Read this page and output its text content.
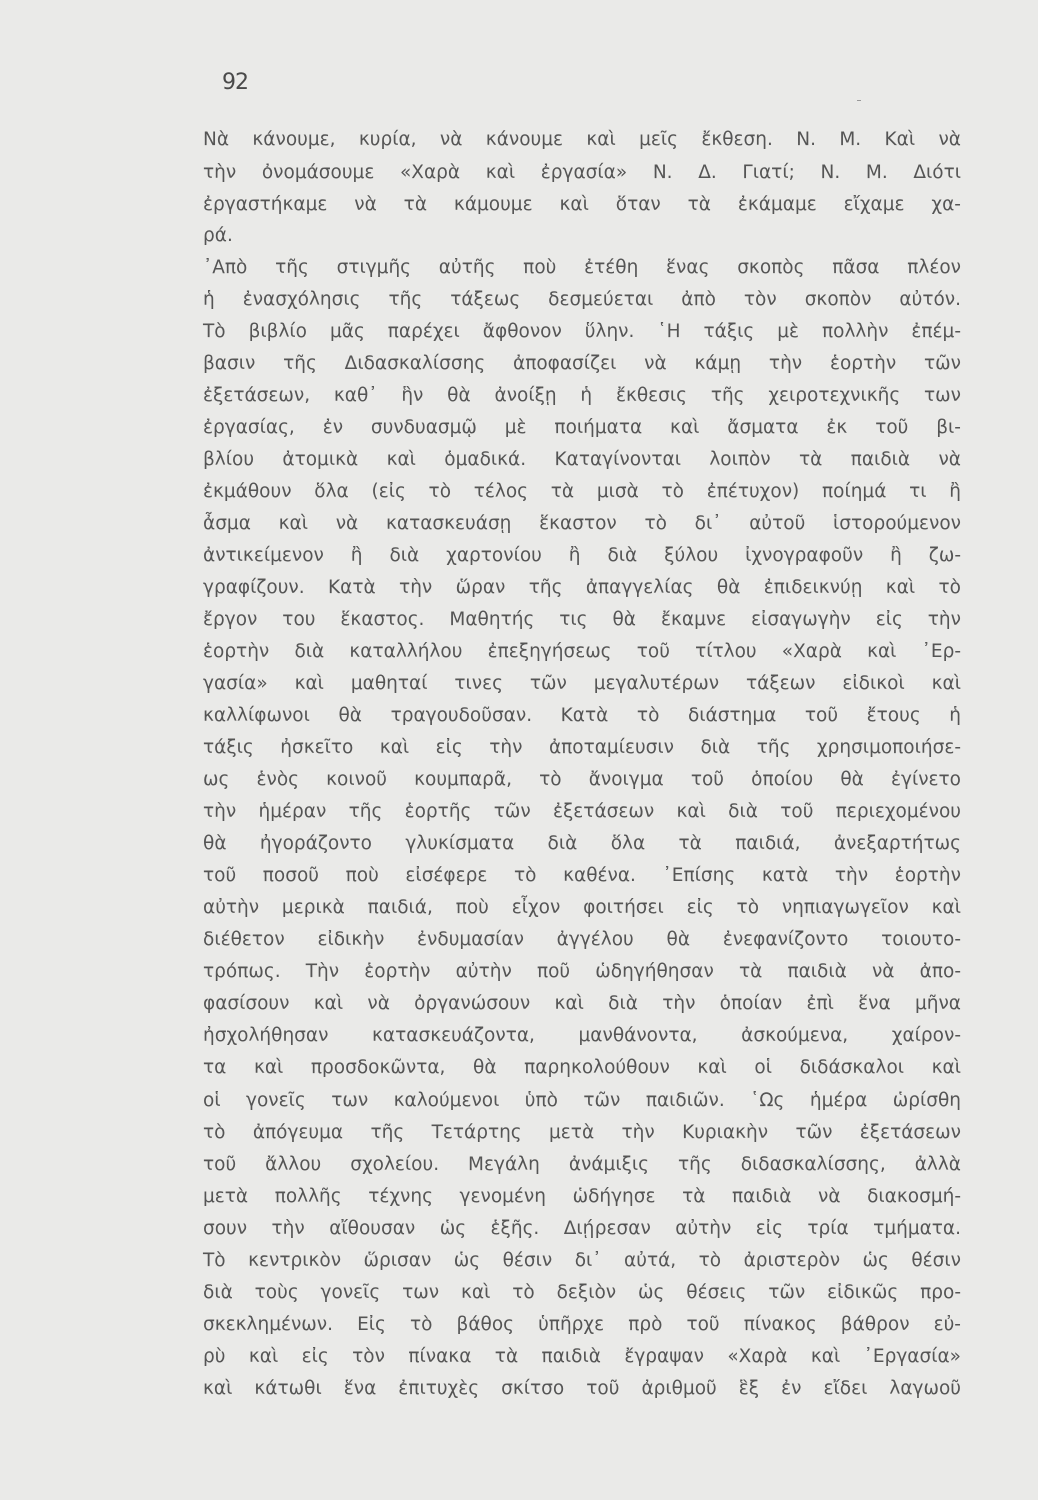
92
Νὰ κάνουμε, κυρία, νὰ κάνουμε καὶ μεῖς ἔκθεση. Ν. Μ. Καὶ νὰ
τὴν ὀνομάσουμε «Χαρὰ καὶ ἐργασία» Ν. Δ. Γιατί; Ν. Μ. Διότι
ἐργαστήκαμε νὰ τὰ κάμουμε καὶ ὅταν τὰ ἐκάμαμε εἴχαμε χα-
ρά.
᾿Απὸ τῆς στιγμῆς αὐτῆς ποὺ ἐτέθη ἕνας σκοπὸς πᾶσα πλέον
ἡ ἐνασχόλησις τῆς τάξεως δεσμεύεται ἀπὸ τὸν σκοπὸν αὐτόν.
Τὸ βιβλίο μᾶς παρέχει ἄφθονον ὕλην. ῾Η τάξις μὲ πολλὴν ἐπέμ-
βασιν τῆς Διδασκαλίσσης ἀποφασίζει νὰ κάμῃ τὴν ἑορτὴν τῶν
ἐξετάσεων, καθ᾿ ἣν θὰ ἀνοίξῃ ἡ ἔκθεσις τῆς χειροτεχνικῆς των
ἐργασίας, ἐν συνδυασμῷ μὲ ποιήματα καὶ ἄσματα ἐκ τοῦ βι-
βλίου ἀτομικὰ καὶ ὁμαδικά. Καταγίνονται λοιπὸν τὰ παιδιὰ νὰ
ἐκμάθουν ὅλα (εἰς τὸ τέλος τὰ μισὰ τὸ ἐπέτυχον) ποίημά τι ἢ
ἆσμα καὶ νὰ κατασκευάσῃ ἕκαστον τὸ δι᾿ αὐτοῦ ἱστορούμενον
ἀντικείμενον ἢ διὰ χαρτονίου ἢ διὰ ξύλου ἰχνογραφοῦν ἢ ζω-
γραφίζουν. Κατὰ τὴν ὥραν τῆς ἀπαγγελίας θὰ ἐπιδεικνύῃ καὶ τὸ
ἔργον του ἕκαστος. Μαθητής τις θὰ ἔκαμνε εἰσαγωγὴν εἰς τὴν
ἑορτὴν διὰ καταλλήλου ἐπεξηγήσεως τοῦ τίτλου «Χαρὰ καὶ ᾿Ερ-
γασία» καὶ μαθηταί τινες τῶν μεγαλυτέρων τάξεων εἰδικοὶ καὶ
καλλίφωνοι θὰ τραγουδοῦσαν. Κατὰ τὸ διάστημα τοῦ ἔτους ἡ
τάξις ἠσκεῖτο καὶ εἰς τὴν ἀποταμίευσιν διὰ τῆς χρησιμοποιήσε-
ως ἑνὸς κοινοῦ κουμπαρᾶ, τὸ ἄνοιγμα τοῦ ὁποίου θὰ ἐγίνετο
τὴν ἡμέραν τῆς ἑορτῆς τῶν ἐξετάσεων καὶ διὰ τοῦ περιεχομένου
θὰ ἠγοράζοντο γλυκίσματα διὰ ὅλα τὰ παιδιά, ἀνεξαρτήτως
τοῦ ποσοῦ ποὺ εἰσέφερε τὸ καθένα. ᾿Επίσης κατὰ τὴν ἑορτὴν
αὐτὴν μερικὰ παιδιά, ποὺ εἶχον φοιτήσει εἰς τὸ νηπιαγωγεῖον καὶ
διέθετον εἰδικὴν ἐνδυμασίαν ἀγγέλου θὰ ἐνεφανίζοντο τοιουτο-
τρόπως. Τὴν ἑορτὴν αὐτὴν ποῦ ὡδηγήθησαν τὰ παιδιὰ νὰ ἀπο-
φασίσουν καὶ νὰ ὀργανώσουν καὶ διὰ τὴν ὁποίαν ἐπὶ ἕνα μῆνα
ἠσχολήθησαν κατασκευάζοντα, μανθάνοντα, ἀσκούμενα, χαίρον-
τα καὶ προσδοκῶντα, θὰ παρηκολούθουν καὶ οἱ διδάσκαλοι καὶ
οἱ γονεῖς των καλούμενοι ὑπὸ τῶν παιδιῶν. ῾Ως ἡμέρα ὡρίσθη
τὸ ἀπόγευμα τῆς Τετάρτης μετὰ τὴν Κυριακὴν τῶν ἐξετάσεων
τοῦ ἄλλου σχολείου. Μεγάλη ἀνάμιξις τῆς διδασκαλίσσης, ἀλλὰ
μετὰ πολλῆς τέχνης γενομένη ὡδήγησε τὰ παιδιὰ νὰ διακοσμή-
σουν τὴν αἴθουσαν ὡς ἑξῆς. Διῄρεσαν αὐτὴν εἰς τρία τμήματα.
Τὸ κεντρικὸν ὥρισαν ὡς θέσιν δι᾿ αὐτά, τὸ ἀριστερὸν ὡς θέσιν
διὰ τοὺς γονεῖς των καὶ τὸ δεξιὸν ὡς θέσεις τῶν εἰδικῶς προ-
σκεκλημένων. Εἰς τὸ βάθος ὑπῆρχε πρὸ τοῦ πίνακος βάθρον εὐ-
ρὺ καὶ εἰς τὸν πίνακα τὰ παιδιὰ ἔγραψαν «Χαρὰ καὶ ᾿Εργασία»
καὶ κάτωθι ἕνα ἐπιτυχὲς σκίτσο τοῦ ἀριθμοῦ ἓξ ἐν εἴδει λαγωοῦ
